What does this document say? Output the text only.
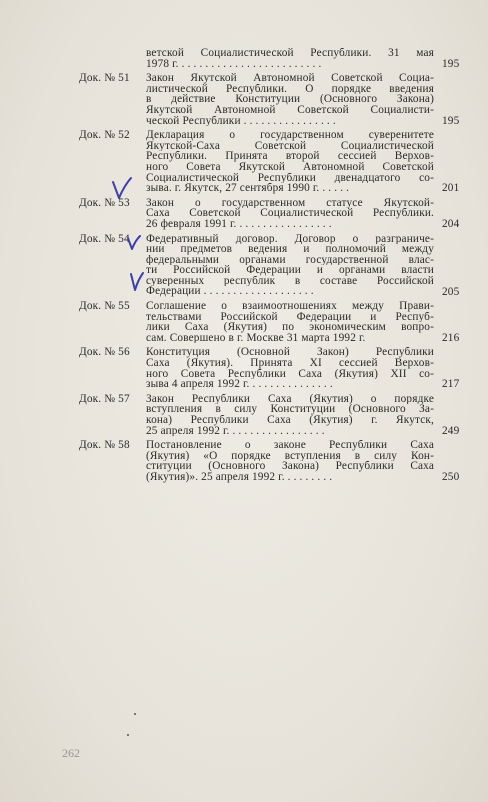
ветской Социалистической Республики. 31 мая
1978 г. . . . . . . . . . . . . . . . . . . . . . . . .	195
Док. № 51	Закон Якутской Автономной Советской Социа-
листической Республики. О порядке введения
в действие Конституции (Основного Закона)
Якутской Автономной Советской Социалисти-
ческой Республики . . . . . . . . . . . . . . . .	195
Док. № 52	Декларация о государственном суверенитете
Якутской-Саха Советской Социалистической
Республики. Принята второй сессией Верхов-
ного Совета Якутской Автономной Советской
Социалистической Республики двенадцатого со-
зыва. г. Якутск, 27 сентября 1990 г. . . . . .	201
Док. № 53	Закон о государственном статусе Якутской-
Саха Советской Социалистической Республики.
26 февраля 1991 г. . . . . . . . . . . . . . . . .	204
Док. № 54	Федеративный договор. Договор о разграниче-
нии предметов ведения и полномочий между
федеральными органами государственной влас-
ти Российской Федерации и органами власти
суверенных республик в составе Российской
Федерации . . . . . . . . . . . . . . . . . . .	205
Док. № 55	Соглашение о взаимоотношениях между Прави-
тельствами Российской Федерации и Респуб-
лики Саха (Якутия) по экономическим вопро-
сам. Совершено в г. Москве 31 марта 1992 г.	216
Док. № 56	Конституция (Основной Закон) Республики
Саха (Якутия). Принята XI сессией Верхов-
ного Совета Республики Саха (Якутия) XII со-
зыва 4 апреля 1992 г. . . . . . . . . . . . . . .	217
Док. № 57	Закон Республики Саха (Якутия) о порядке
вступления в силу Конституции (Основного За-
кона) Республики Саха (Якутия) г. Якутск,
25 апреля 1992 г. . . . . . . . . . . . . . . . .	249
Док. № 58	Постановление о законе Республики Саха
(Якутия) «О порядке вступления в силу Кон-
ституции (Основного Закона) Республики Саха
(Якутия)». 25 апреля 1992 г. . . . . . . . .	250
262
